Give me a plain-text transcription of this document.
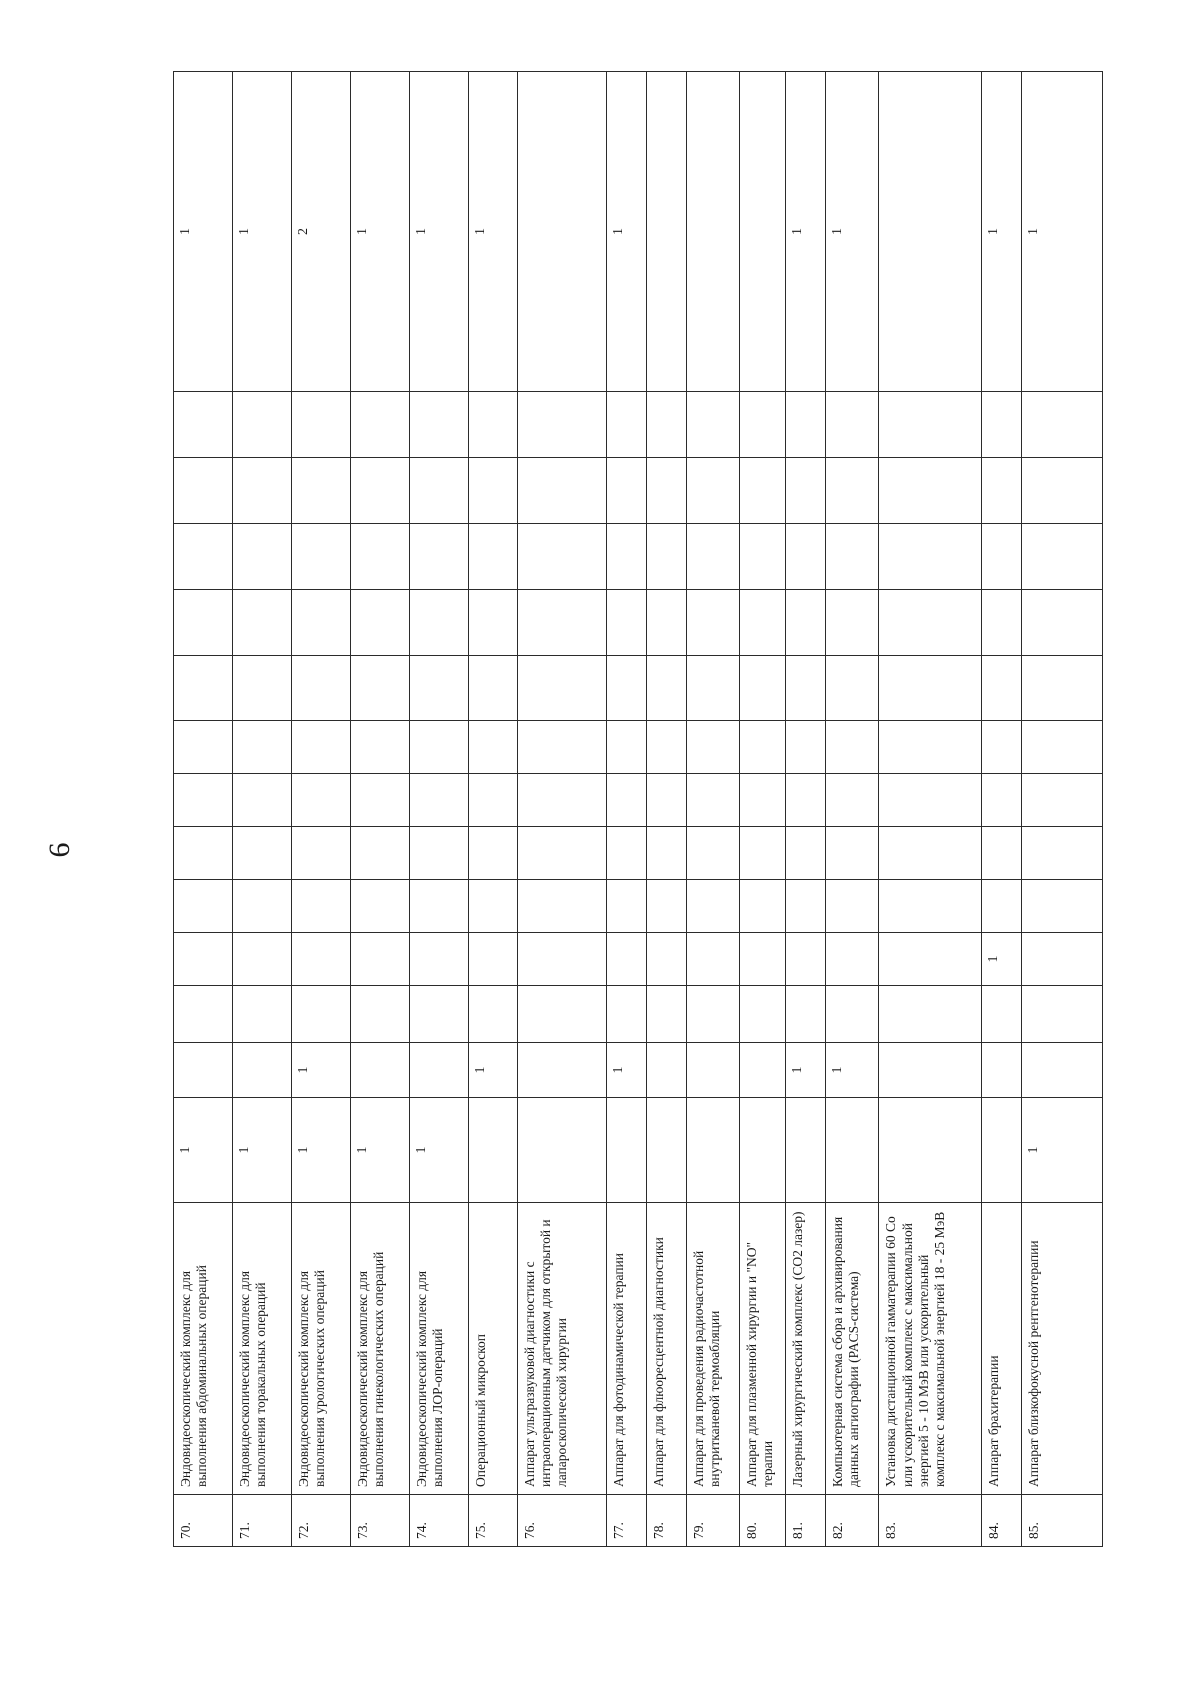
6
70.	Эндовидеоскопический комплекс для выполнения абдоминальных операций	1													1
71.	Эндовидеоскопический комплекс для выполнения торакальных операций	1													1
72.	Эндовидеоскопический комплекс для выполнения урологических операций	1	1												2
73.	Эндовидеоскопический комплекс для выполнения гинекологических операций	1													1
74.	Эндовидеоскопический комплекс для выполнения ЛОР-операций	1													1
75.	Операционный микроскоп		1												1
76.	Аппарат ультразвуковой диагностики с интраоперационным датчиком для открытой и лапароскопической хирургии														
77.	Аппарат для фотодинамической терапии		1												1
78.	Аппарат для флюоресцентной диагностики														
79.	Аппарат для проведения радиочастотной внутритканевой термоабляции														
80.	Аппарат для плазменной хирургии и "NO" терапии														
81.	Лазерный хирургический комплекс (CO2 лазер)		1												1
82.	Компьютерная система сбора и архивирования данных ангиографии (PACS-система)		1												1
83.	Установка дистанционной гамматерапии 60 Co или ускорительный комплекс с максимальной энергией 5 - 10 МэВ или ускорительный комплекс с максимальной энергией 18 - 25 МэВ														
84.	Аппарат брахитерапии				1										1
85.	Аппарат близкофокусной рентгенотерапии	1													1
